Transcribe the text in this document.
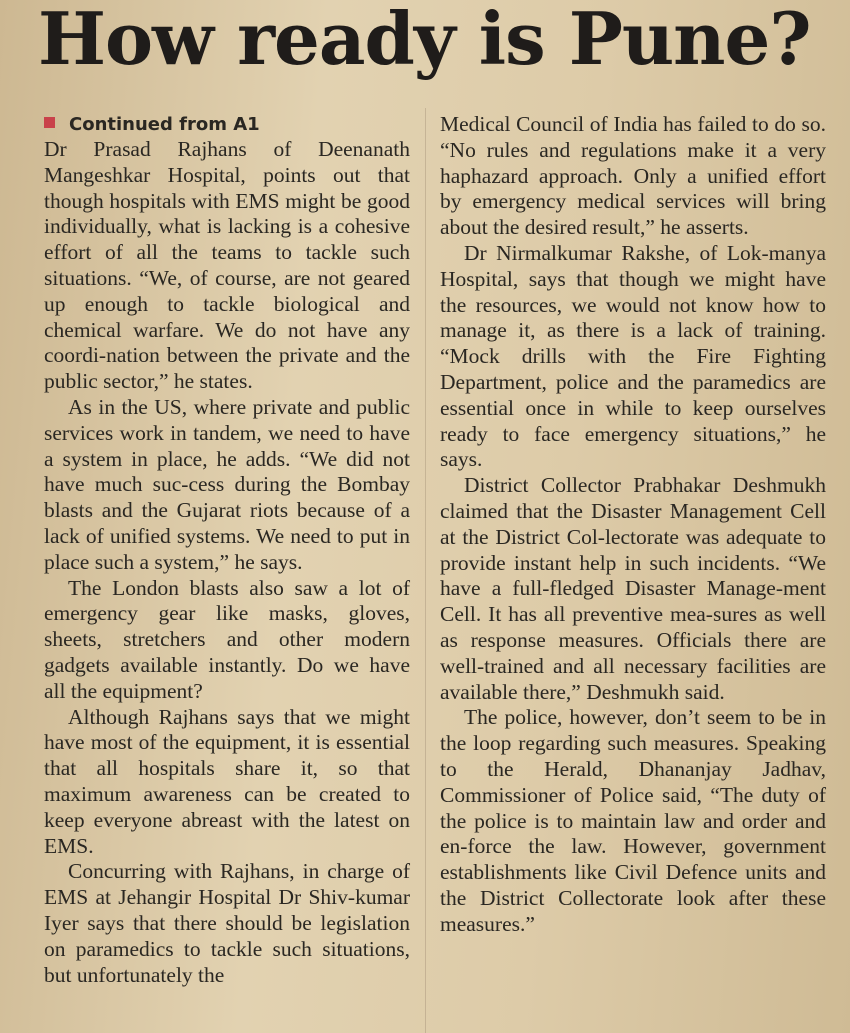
How ready is Pune?
Continued from A1

Dr Prasad Rajhans of Deenanath Mangeshkar Hospital, points out that though hospitals with EMS might be good individually, what is lacking is a cohesive effort of all the teams to tackle such situations. “We, of course, are not geared up enough to tackle biological and chemical warfare. We do not have any coordi-nation between the private and the public sector,” he states.

As in the US, where private and public services work in tandem, we need to have a system in place, he adds. “We did not have much suc-cess during the Bombay blasts and the Gujarat riots because of a lack of unified systems. We need to put in place such a system,” he says.

The London blasts also saw a lot of emergency gear like masks, gloves, sheets, stretchers and other modern gadgets available instantly. Do we have all the equipment?

Although Rajhans says that we might have most of the equipment, it is essential that all hospitals share it, so that maximum awareness can be created to keep everyone abreast with the latest on EMS.

Concurring with Rajhans, in charge of EMS at Jehangir Hospital Dr Shiv-kumar Iyer says that there should be legislation on paramedics to tackle such situations, but unfortunately the

Medical Council of India has failed to do so. “No rules and regulations make it a very haphazard approach. Only a unified effort by emergency medical services will bring about the desired result,” he asserts.

Dr Nirmalkumar Rakshe, of Lok-manya Hospital, says that though we might have the resources, we would not know how to manage it, as there is a lack of training. “Mock drills with the Fire Fighting Department, police and the paramedics are essential once in while to keep ourselves ready to face emergency situations,” he says.

District Collector Prabhakar Deshmukh claimed that the Disaster Management Cell at the District Col-lectorate was adequate to provide instant help in such incidents. “We have a full-fledged Disaster Manage-ment Cell. It has all preventive mea-sures as well as response measures. Officials there are well-trained and all necessary facilities are available there,” Deshmukh said.

The police, however, don’t seem to be in the loop regarding such measures. Speaking to the Herald, Dhananjay Jadhav, Commissioner of Police said, “The duty of the police is to maintain law and order and en-force the law. However, government establishments like Civil Defence units and the District Collectorate look after these measures.”
